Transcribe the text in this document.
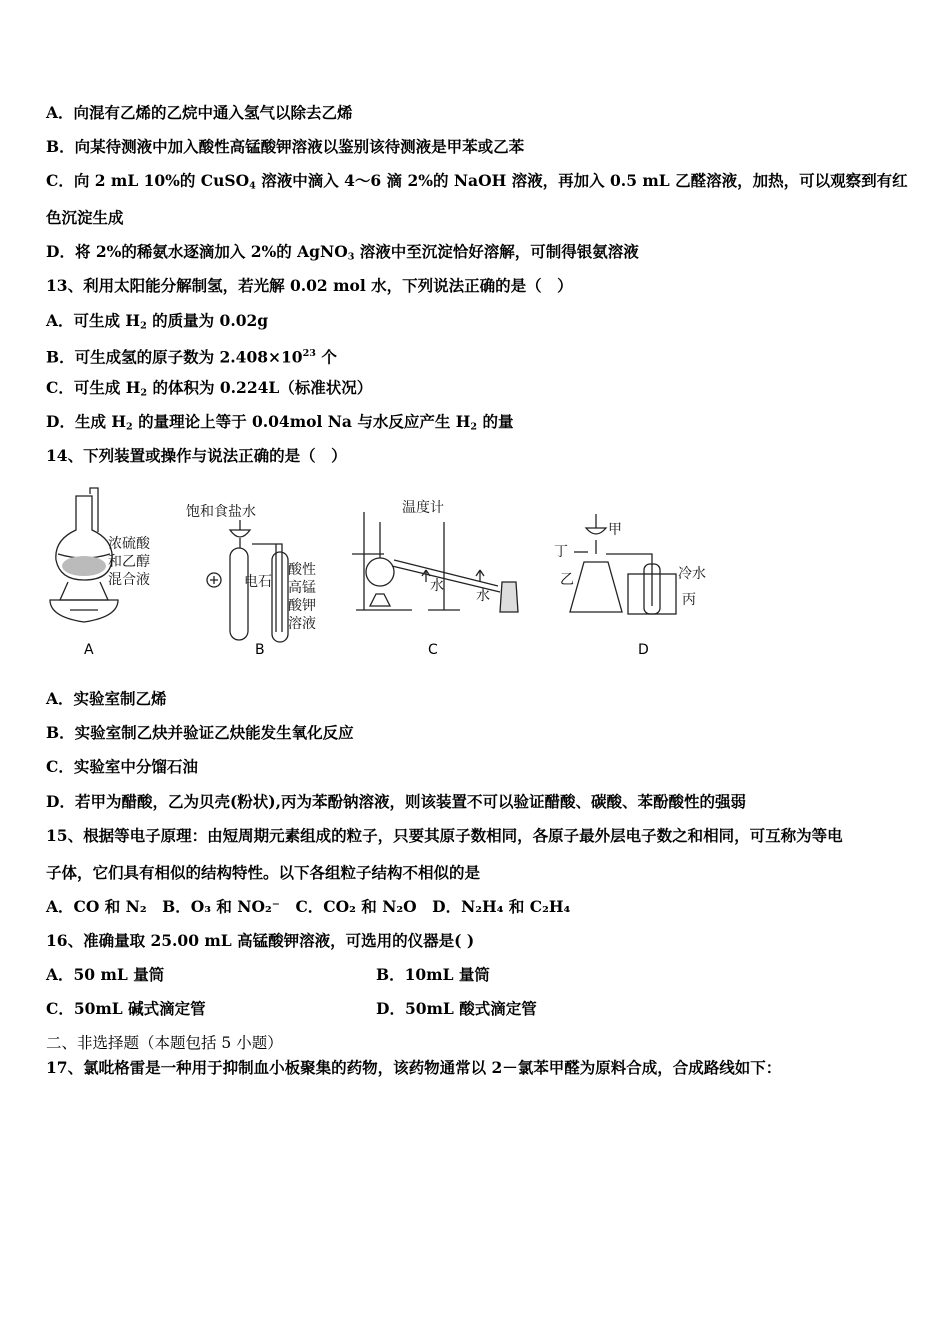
A．向混有乙烯的乙烷中通入氢气以除去乙烯
B．向某待测液中加入酸性高锰酸钾溶液以鉴别该待测液是甲苯或乙苯
C．向 2 mL 10%的 CuSO$_4$ 溶液中滴入 4～6 滴 2%的 NaOH 溶液，再加入 0.5 mL 乙醛溶液，加热，可以观察到有红
色沉淀生成
D．将 2%的稀氨水逐滴加入 2%的 AgNO$_3$ 溶液中至沉淀恰好溶解，可制得银氨溶液
13、利用太阳能分解制氢，若光解 0.02 mol 水，下列说法正确的是（　）
A．可生成 $H_2$ 的质量为 0.02g
B．可生成氢的原子数为 $2.408\times 10^{23}$ 个
C．可生成 $H_2$ 的体积为 0.224L（标准状况）
D．生成 $H_2$ 的量理论上等于 0.04mol Na 与水反应产生 $H_2$ 的量
14、下列装置或操作与说法正确的是（　）
浓硫酸
和乙醇
混合液
A
饱和食盐水
电石
酸性
高锰
酸钾
溶液
B
温度计
水
水
C
甲
丁
乙	冷水
丙
D
A．实验室制乙烯
B．实验室制乙炔并验证乙炔能发生氧化反应
C．实验室中分馏石油
D．若甲为醋酸，乙为贝壳(粉状),丙为苯酚钠溶液，则该装置不可以验证醋酸、碳酸、苯酚酸性的强弱
15、根据等电子原理：由短周期元素组成的粒子，只要其原子数相同，各原子最外层电子数之和相同，可互称为等电
子体，它们具有相似的结构特性。以下各组粒子结构不相似的是
A．CO 和 N₂　B．O₃ 和 NO₂⁻　C．CO₂ 和 N₂O　D．N₂H₄ 和 C₂H₄
16、准确量取 25.00 mL 高锰酸钾溶液，可选用的仪器是( )
A．50 mL 量筒	B．10mL 量筒
C．50mL 碱式滴定管	D．50mL 酸式滴定管
二、非选择题（本题包括 5 小题）
17、氯吡格雷是一种用于抑制血小板聚集的药物，该药物通常以 2－氯苯甲醛为原料合成，合成路线如下：
